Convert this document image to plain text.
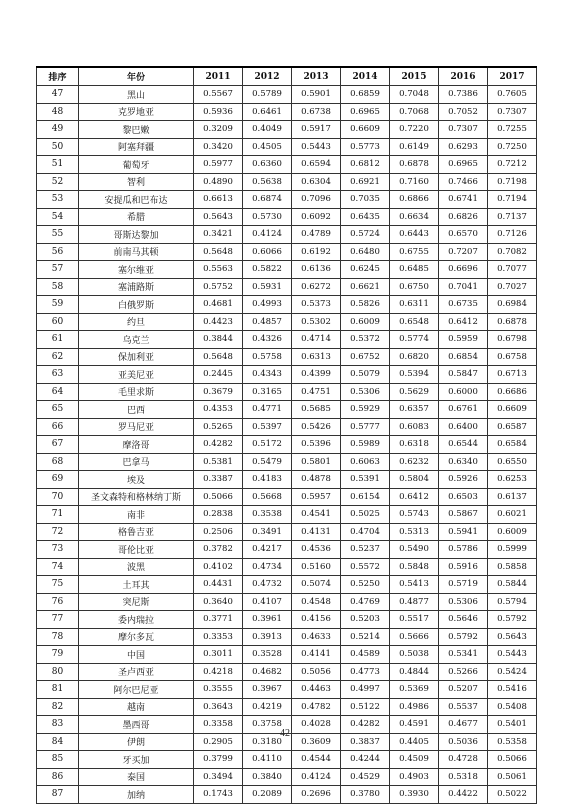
排序	年份	2011	2012	2013	2014	2015	2016	2017
47	黑山	0.5567	0.5789	0.5901	0.6859	0.7048	0.7386	0.7605
48	克罗地亚	0.5936	0.6461	0.6738	0.6965	0.7068	0.7052	0.7307
49	黎巴嫩	0.3209	0.4049	0.5917	0.6609	0.7220	0.7307	0.7255
50	阿塞拜疆	0.3420	0.4505	0.5443	0.5773	0.6149	0.6293	0.7250
51	葡萄牙	0.5977	0.6360	0.6594	0.6812	0.6878	0.6965	0.7212
52	智利	0.4890	0.5638	0.6304	0.6921	0.7160	0.7466	0.7198
53	安提瓜和巴布达	0.6613	0.6874	0.7096	0.7035	0.6866	0.6741	0.7194
54	希腊	0.5643	0.5730	0.6092	0.6435	0.6634	0.6826	0.7137
55	哥斯达黎加	0.3421	0.4124	0.4789	0.5724	0.6443	0.6570	0.7126
56	前南马其顿	0.5648	0.6066	0.6192	0.6480	0.6755	0.7207	0.7082
57	塞尔维亚	0.5563	0.5822	0.6136	0.6245	0.6485	0.6696	0.7077
58	塞浦路斯	0.5752	0.5931	0.6272	0.6621	0.6750	0.7041	0.7027
59	白俄罗斯	0.4681	0.4993	0.5373	0.5826	0.6311	0.6735	0.6984
60	约旦	0.4423	0.4857	0.5302	0.6009	0.6548	0.6412	0.6878
61	乌克兰	0.3844	0.4326	0.4714	0.5372	0.5774	0.5959	0.6798
62	保加利亚	0.5648	0.5758	0.6313	0.6752	0.6820	0.6854	0.6758
63	亚美尼亚	0.2445	0.4343	0.4399	0.5079	0.5394	0.5847	0.6713
64	毛里求斯	0.3679	0.3165	0.4751	0.5306	0.5629	0.6000	0.6686
65	巴西	0.4353	0.4771	0.5685	0.5929	0.6357	0.6761	0.6609
66	罗马尼亚	0.5265	0.5397	0.5426	0.5777	0.6083	0.6400	0.6587
67	摩洛哥	0.4282	0.5172	0.5396	0.5989	0.6318	0.6544	0.6584
68	巴拿马	0.5381	0.5479	0.5801	0.6063	0.6232	0.6340	0.6550
69	埃及	0.3387	0.4183	0.4878	0.5391	0.5804	0.5926	0.6253
70	圣文森特和格林纳丁斯	0.5066	0.5668	0.5957	0.6154	0.6412	0.6503	0.6137
71	南非	0.2838	0.3538	0.4541	0.5025	0.5743	0.5867	0.6021
72	格鲁吉亚	0.2506	0.3491	0.4131	0.4704	0.5313	0.5941	0.6009
73	哥伦比亚	0.3782	0.4217	0.4536	0.5237	0.5490	0.5786	0.5999
74	波黑	0.4102	0.4734	0.5160	0.5572	0.5848	0.5916	0.5858
75	土耳其	0.4431	0.4732	0.5074	0.5250	0.5413	0.5719	0.5844
76	突尼斯	0.3640	0.4107	0.4548	0.4769	0.4877	0.5306	0.5794
77	委内瑞拉	0.3771	0.3961	0.4156	0.5203	0.5517	0.5646	0.5792
78	摩尔多瓦	0.3353	0.3913	0.4633	0.5214	0.5666	0.5792	0.5643
79	中国	0.3011	0.3528	0.4141	0.4589	0.5038	0.5341	0.5443
80	圣卢西亚	0.4218	0.4682	0.5056	0.4773	0.4844	0.5266	0.5424
81	阿尔巴尼亚	0.3555	0.3967	0.4463	0.4997	0.5369	0.5207	0.5416
82	越南	0.3643	0.4219	0.4782	0.5122	0.4986	0.5537	0.5408
83	墨西哥	0.3358	0.3758	0.4028	0.4282	0.4591	0.4677	0.5401
84	伊朗	0.2905	0.3180	0.3609	0.3837	0.4405	0.5036	0.5358
85	牙买加	0.3799	0.4110	0.4544	0.4244	0.4509	0.4728	0.5066
86	泰国	0.3494	0.3840	0.4124	0.4529	0.4903	0.5318	0.5061
87	加纳	0.1743	0.2089	0.2696	0.3780	0.3930	0.4422	0.5022
42
